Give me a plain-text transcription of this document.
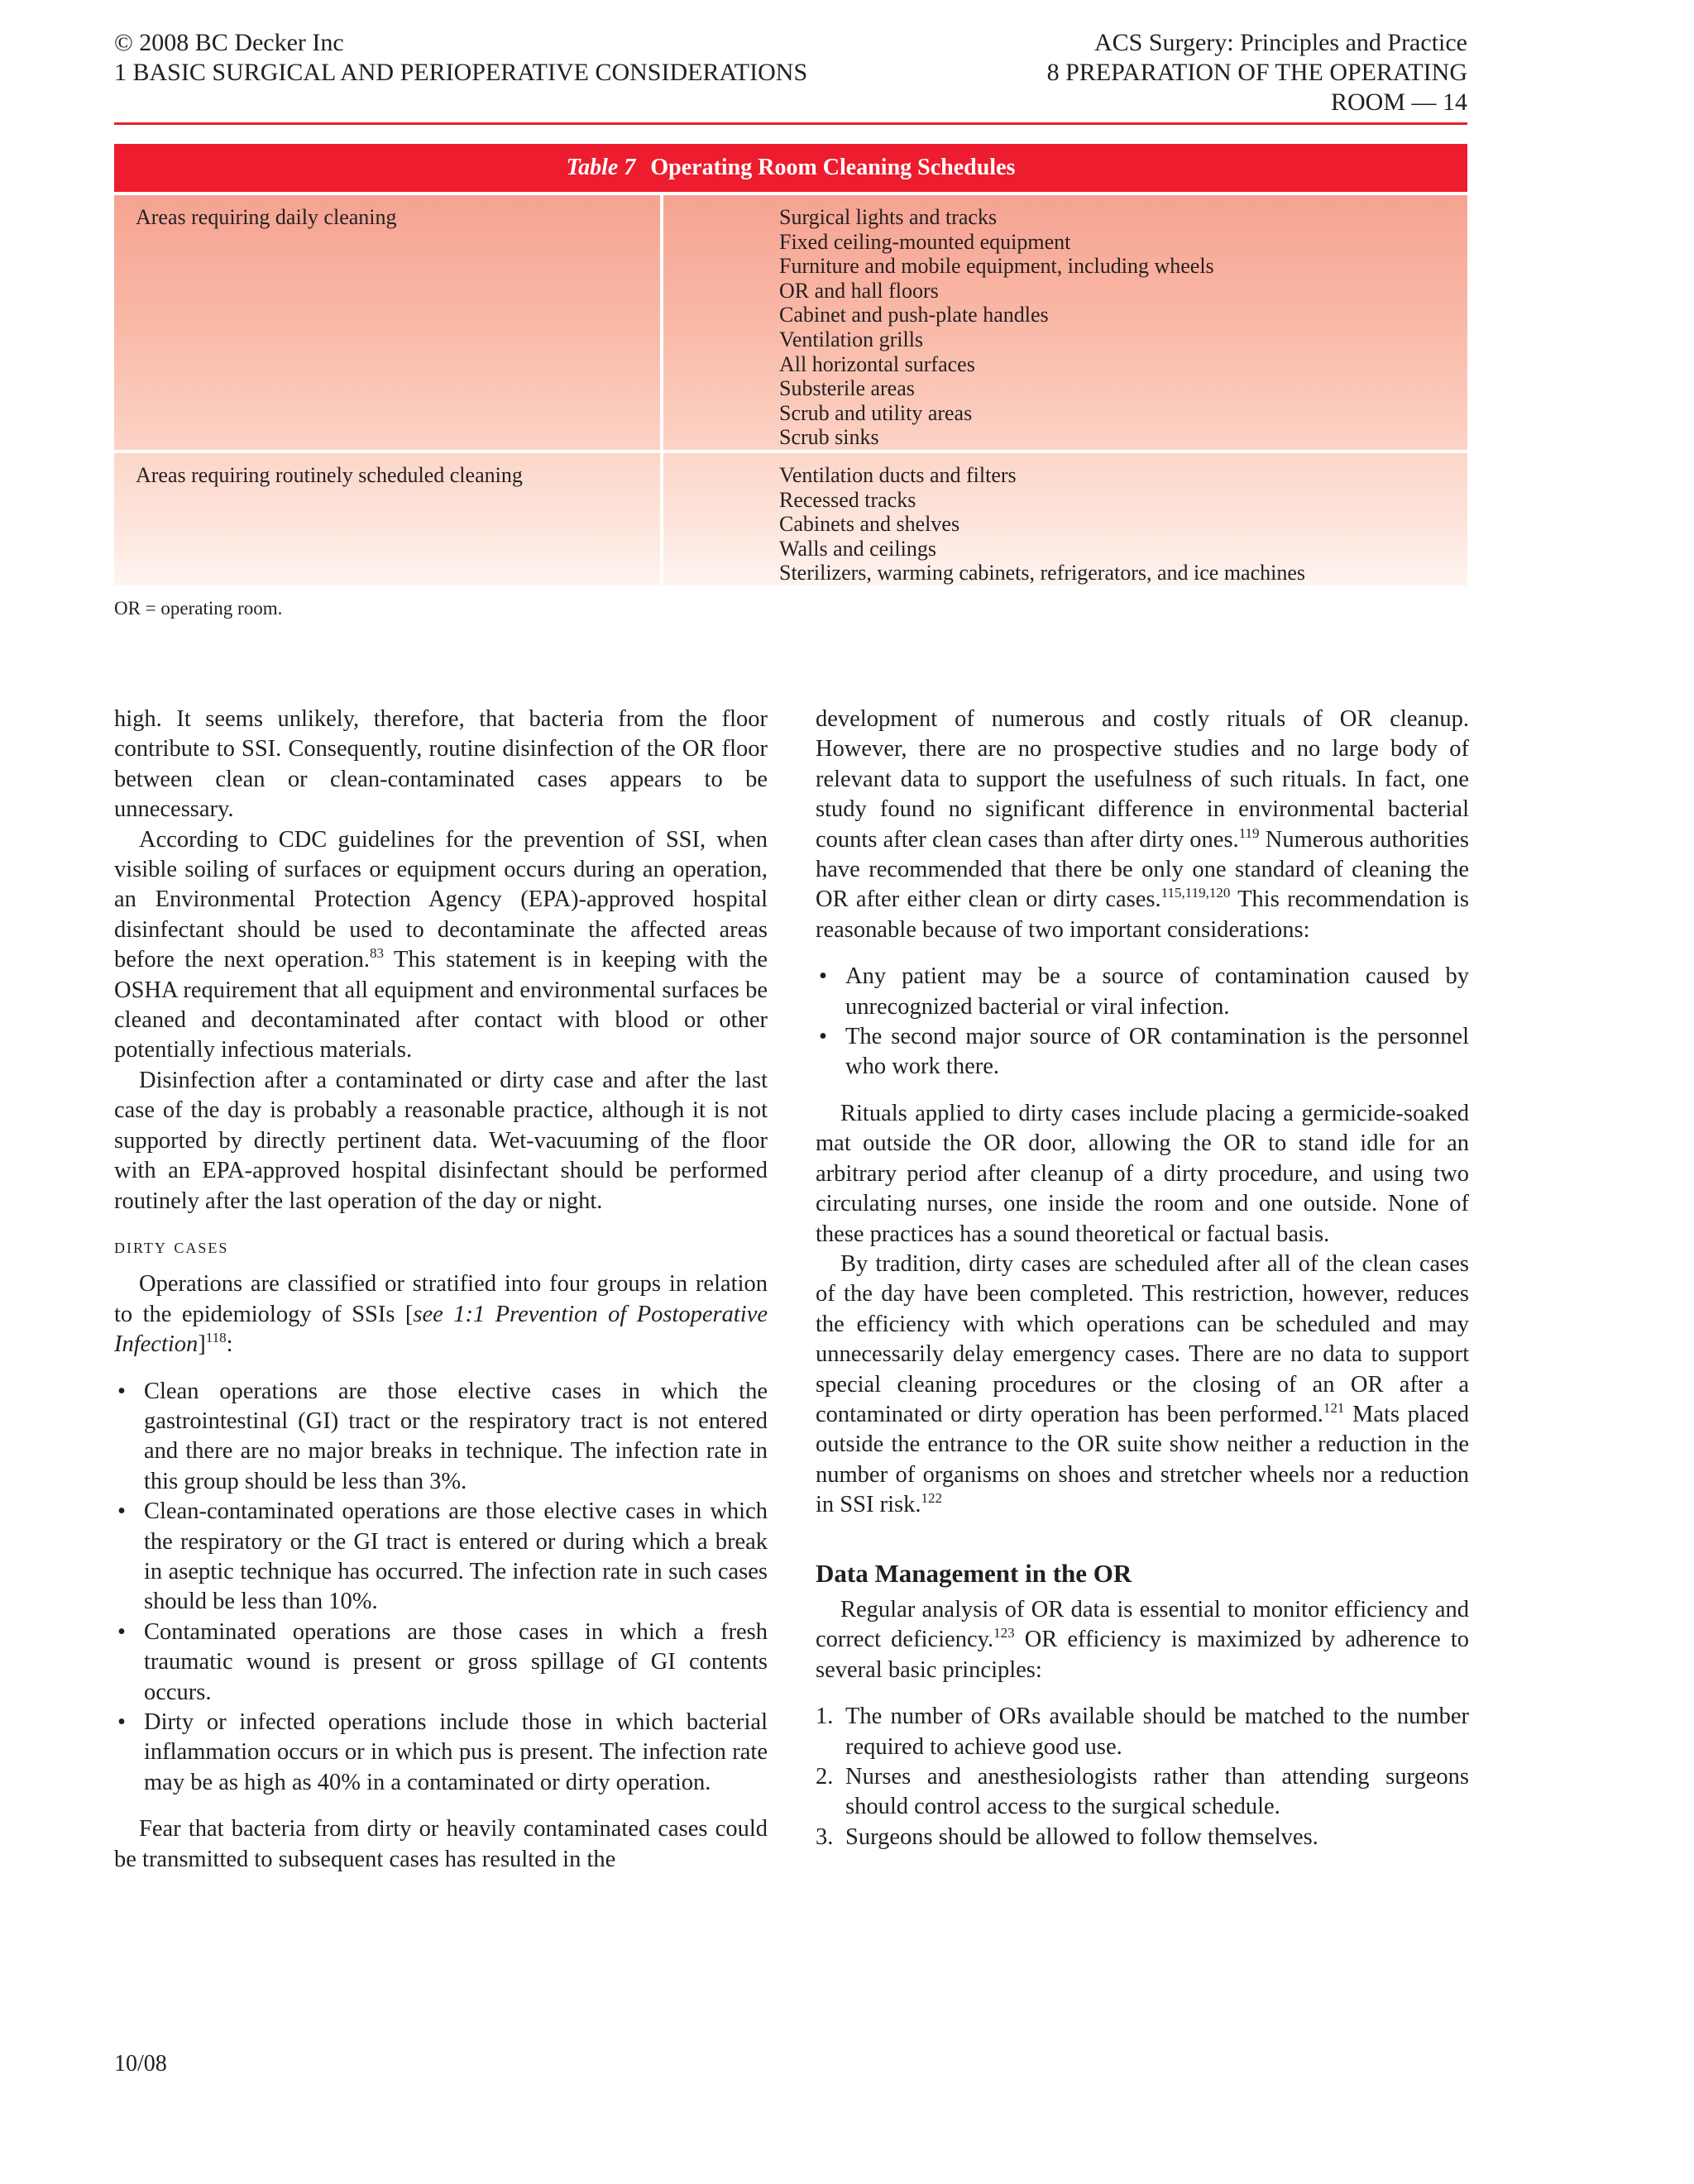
© 2008 BC Decker Inc
1 BASIC SURGICAL AND PERIOPERATIVE CONSIDERATIONS
ACS Surgery: Principles and Practice
8 PREPARATION OF THE OPERATING
ROOM — 14
Table 7 Operating Room Cleaning Schedules
Areas requiring daily cleaning	Surgical lights and tracks
Fixed ceiling-mounted equipment
Furniture and mobile equipment, including wheels
OR and hall floors
Cabinet and push-plate handles
Ventilation grills
All horizontal surfaces
Substerile areas
Scrub and utility areas
Scrub sinks
Areas requiring routinely scheduled cleaning	Ventilation ducts and filters
Recessed tracks
Cabinets and shelves
Walls and ceilings
Sterilizers, warming cabinets, refrigerators, and ice machines
OR = operating room.

high. It seems unlikely, therefore, that bacteria from the floor contribute to SSI. Consequently, routine disinfection of the OR floor between clean or clean-contaminated cases appears to be unnecessary.

According to CDC guidelines for the prevention of SSI, when visible soiling of surfaces or equipment occurs during an operation, an Environmental Protection Agency (EPA)-approved hospital disinfectant should be used to decontaminate the affected areas before the next operation.$^{83}$ This statement is in keeping with the OSHA requirement that all equipment and environmental surfaces be cleaned and decontaminated after contact with blood or other potentially infectious materials.

Disinfection after a contaminated or dirty case and after the last case of the day is probably a reasonable practice, although it is not supported by directly pertinent data. Wet-vacuuming of the floor with an EPA-approved hospital disinfectant should be performed routinely after the last operation of the day or night.

dirty cases

Operations are classified or stratified into four groups in relation to the epidemiology of SSIs [see 1:1 Prevention of Postoperative Infection]$^{118}$:

• Clean operations are those elective cases in which the gastrointestinal (GI) tract or the respiratory tract is not entered and there are no major breaks in technique. The infection rate in this group should be less than 3%.
• Clean-contaminated operations are those elective cases in which the respiratory or the GI tract is entered or during which a break in aseptic technique has occurred. The infection rate in such cases should be less than 10%.
• Contaminated operations are those cases in which a fresh traumatic wound is present or gross spillage of GI contents occurs.
• Dirty or infected operations include those in which bacterial inflammation occurs or in which pus is present. The infection rate may be as high as 40% in a contaminated or dirty operation.

Fear that bacteria from dirty or heavily contaminated cases could be transmitted to subsequent cases has resulted in the

development of numerous and costly rituals of OR cleanup. However, there are no prospective studies and no large body of relevant data to support the usefulness of such rituals. In fact, one study found no significant difference in environmental bacterial counts after clean cases than after dirty ones.$^{119}$ Numerous authorities have recommended that there be only one standard of cleaning the OR after either clean or dirty cases.$^{115,119,120}$ This recommendation is reasonable because of two important considerations:

• Any patient may be a source of contamination caused by unrecognized bacterial or viral infection.
• The second major source of OR contamination is the personnel who work there.

Rituals applied to dirty cases include placing a germicide-soaked mat outside the OR door, allowing the OR to stand idle for an arbitrary period after cleanup of a dirty procedure, and using two circulating nurses, one inside the room and one outside. None of these practices has a sound theoretical or factual basis.

By tradition, dirty cases are scheduled after all of the clean cases of the day have been completed. This restriction, however, reduces the efficiency with which operations can be scheduled and may unnecessarily delay emergency cases. There are no data to support special cleaning procedures or the closing of an OR after a contaminated or dirty operation has been performed.$^{121}$ Mats placed outside the entrance to the OR suite show neither a reduction in the number of organisms on shoes and stretcher wheels nor a reduction in SSI risk.$^{122}$

Data Management in the OR

Regular analysis of OR data is essential to monitor efficiency and correct deficiency.$^{123}$ OR efficiency is maximized by adherence to several basic principles:

1. The number of ORs available should be matched to the number required to achieve good use.
2. Nurses and anesthesiologists rather than attending surgeons should control access to the surgical schedule.
3. Surgeons should be allowed to follow themselves.
10/08
